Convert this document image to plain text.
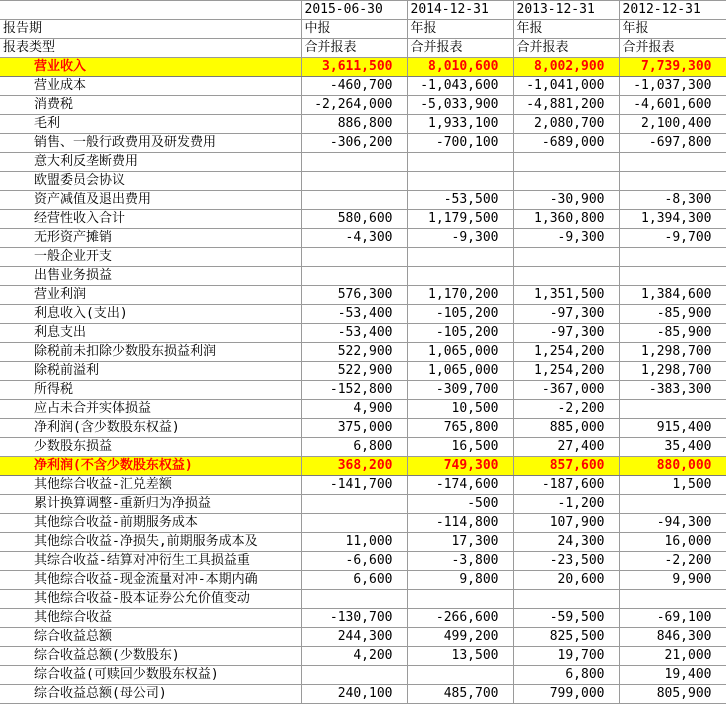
	2015-06-30	2014-12-31	2013-12-31	2012-12-31
报告期	中报	年报	年报	年报
报表类型	合并报表	合并报表	合并报表	合并报表
营业收入	3,611,500	8,010,600	8,002,900	7,739,300
营业成本	-460,700	-1,043,600	-1,041,000	-1,037,300
消费税	-2,264,000	-5,033,900	-4,881,200	-4,601,600
毛利	886,800	1,933,100	2,080,700	2,100,400
销售、一般行政费用及研发费用	-306,200	-700,100	-689,000	-697,800
意大利反垄断费用				
欧盟委员会协议				
资产减值及退出费用		-53,500	-30,900	-8,300
经营性收入合计	580,600	1,179,500	1,360,800	1,394,300
无形资产摊销	-4,300	-9,300	-9,300	-9,700
一般企业开支				
出售业务损益				
营业利润	576,300	1,170,200	1,351,500	1,384,600
利息收入(支出)	-53,400	-105,200	-97,300	-85,900
利息支出	-53,400	-105,200	-97,300	-85,900
除税前未扣除少数股东损益利润	522,900	1,065,000	1,254,200	1,298,700
除税前溢利	522,900	1,065,000	1,254,200	1,298,700
所得税	-152,800	-309,700	-367,000	-383,300
应占未合并实体损益	4,900	10,500	-2,200	
净利润(含少数股东权益)	375,000	765,800	885,000	915,400
少数股东损益	6,800	16,500	27,400	35,400
净利润(不含少数股东权益)	368,200	749,300	857,600	880,000
其他综合收益-汇兑差额	-141,700	-174,600	-187,600	1,500
累计换算调整-重新归为净损益		-500	-1,200	
其他综合收益-前期服务成本		-114,800	107,900	-94,300
其他综合收益-净损失,前期服务成本及	11,000	17,300	24,300	16,000
其综合收益-结算对冲衍生工具损益重	-6,600	-3,800	-23,500	-2,200
其他综合收益-现金流量对冲-本期内确	6,600	9,800	20,600	9,900
其他综合收益-股本证券公允价值变动				
其他综合收益	-130,700	-266,600	-59,500	-69,100
综合收益总额	244,300	499,200	825,500	846,300
综合收益总额(少数股东)	4,200	13,500	19,700	21,000
综合收益(可赎回少数股东权益)			6,800	19,400
综合收益总额(母公司)	240,100	485,700	799,000	805,900
